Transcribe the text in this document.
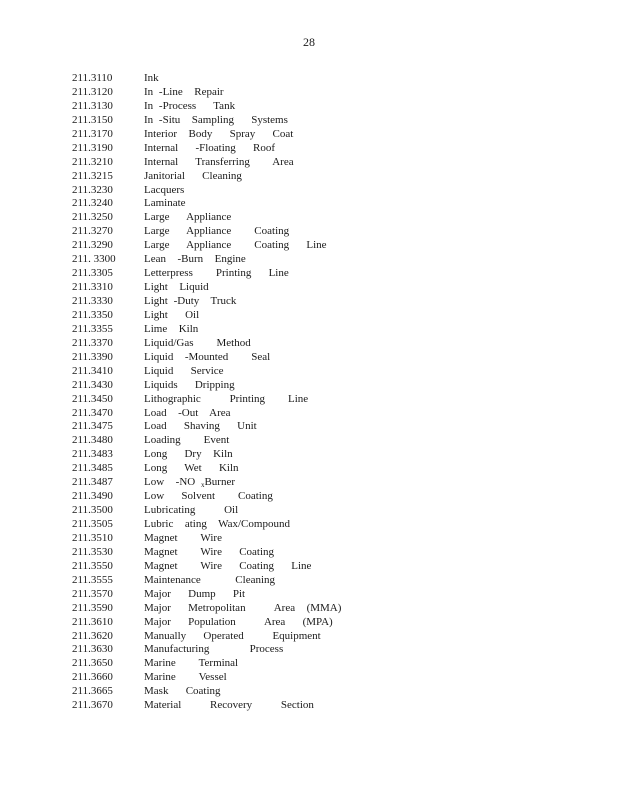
28
211.3110	Ink
211.3120	In -Line  Repair
211.3130	In -Process   Tank
211.3150	In -Situ  Sampling   Systems
211.3170	Interior  Body   Spray   Coat
211.3190	Internal   -Floating   Roof
211.3210	Internal   Transferring    Area
211.3215	Janitorial   Cleaning
211.3230	Lacquers
211.3240	Laminate
211.3250	Large   Appliance
211.3270	Large   Appliance    Coating
211.3290	Large   Appliance    Coating   Line
211. 3300	Lean  -Burn  Engine
211.3305	Letterpress    Printing   Line
211.3310	Light  Liquid
211.3330	Light -Duty  Truck
211.3350	Light   Oil
211.3355	Lime  Kiln
211.3370	Liquid/Gas    Method
211.3390	Liquid  -Mounted    Seal
211.3410	Liquid   Service
211.3430	Liquids   Dripping
211.3450	Lithographic     Printing    Line
211.3470	Load  -Out  Area
211.3475	Load   Shaving   Unit
211.3480	Loading    Event
211.3483	Long   Dry  Kiln
211.3485	Long   Wet   Kiln
211.3487	Low  -NO xBurner
211.3490	Low   Solvent    Coating
211.3500	Lubricating     Oil
211.3505	Lubric  ating  Wax/Compound
211.3510	Magnet    Wire
211.3530	Magnet    Wire   Coating
211.3550	Magnet    Wire   Coating   Line
211.3555	Maintenance      Cleaning
211.3570	Major   Dump   Pit
211.3590	Major   Metropolitan     Area  (MMA)
211.3610	Major   Population     Area   (MPA)
211.3620	Manually   Operated     Equipment
211.3630	Manufacturing       Process
211.3650	Marine    Terminal
211.3660	Marine    Vessel
211.3665	Mask   Coating
211.3670	Material     Recovery     Section
